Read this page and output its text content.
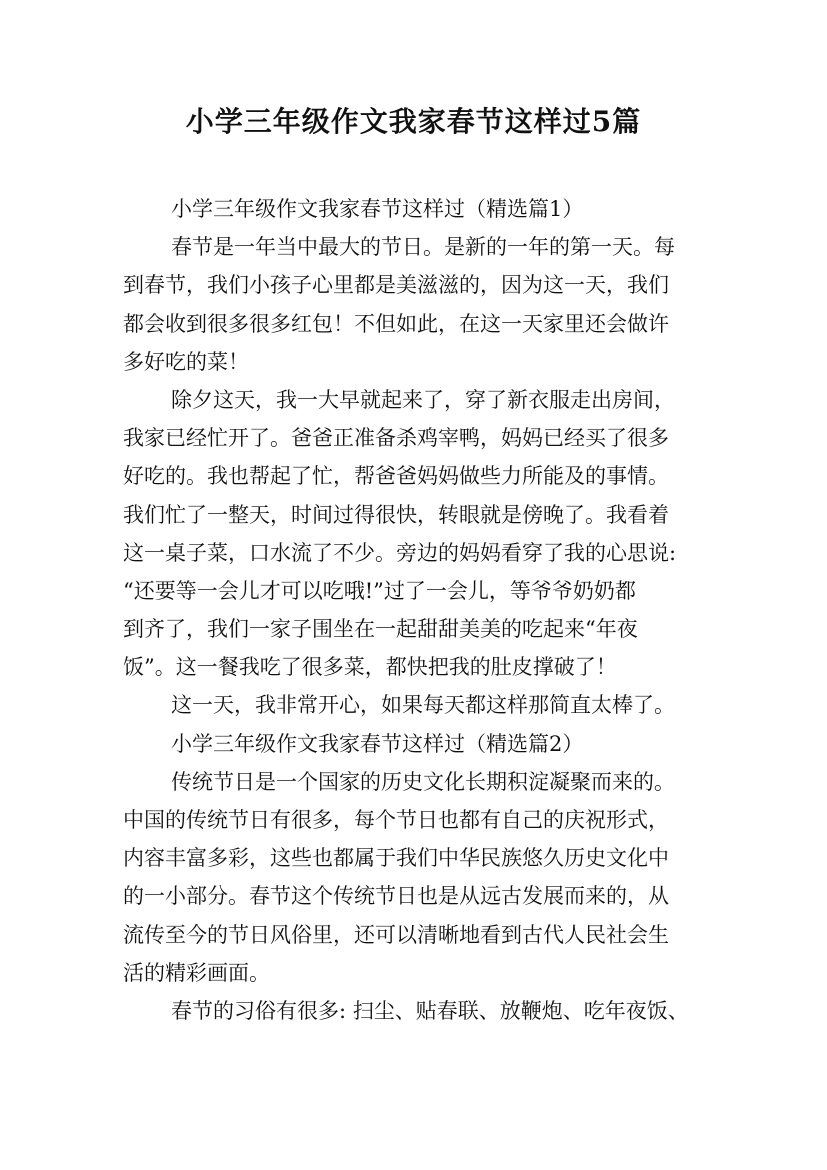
小学三年级作文我家春节这样过5篇
小学三年级作文我家春节这样过（精选篇1）
春节是一年当中最大的节日。是新的一年的第一天。每
到春节，我们小孩子心里都是美滋滋的，因为这一天，我们
都会收到很多很多红包！不但如此，在这一天家里还会做许
多好吃的菜！
除夕这天，我一大早就起来了，穿了新衣服走出房间，
我家已经忙开了。爸爸正准备杀鸡宰鸭，妈妈已经买了很多
好吃的。我也帮起了忙，帮爸爸妈妈做些力所能及的事情。
我们忙了一整天，时间过得很快，转眼就是傍晚了。我看着
这一桌子菜，口水流了不少。旁边的妈妈看穿了我的心思说:
“还要等一会儿才可以吃哦!”过了一会儿，等爷爷奶奶都
到齐了，我们一家子围坐在一起甜甜美美的吃起来“年夜
饭”。这一餐我吃了很多菜，都快把我的肚皮撑破了！
这一天，我非常开心，如果每天都这样那简直太棒了。
小学三年级作文我家春节这样过（精选篇2）
传统节日是一个国家的历史文化长期积淀凝聚而来的。
中国的传统节日有很多，每个节日也都有自己的庆祝形式，
内容丰富多彩，这些也都属于我们中华民族悠久历史文化中
的一小部分。春节这个传统节日也是从远古发展而来的，从
流传至今的节日风俗里，还可以清晰地看到古代人民社会生
活的精彩画面。
春节的习俗有很多: 扫尘、贴春联、放鞭炮、吃年夜饭、
